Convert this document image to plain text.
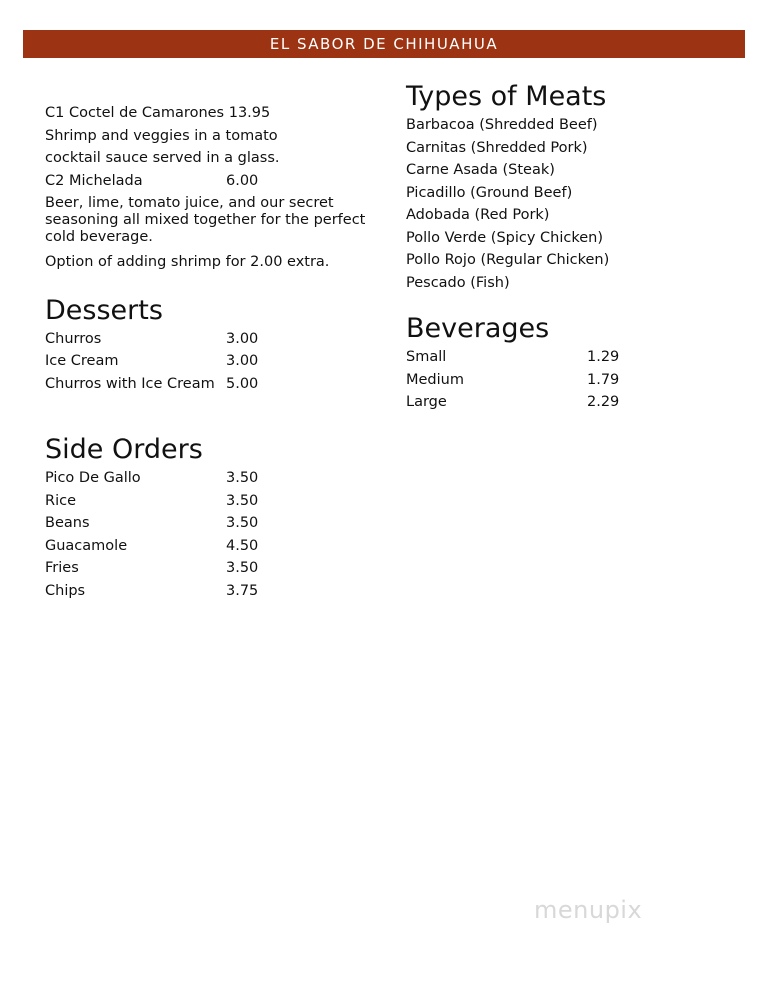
EL SABOR DE CHIHUAHUA
C1 Coctel de Camarones 13.95
Shrimp and veggies in a tomato
cocktail sauce served in a glass.
C2 Michelada	6.00
Beer, lime, tomato juice, and our secret seasoning all mixed together for the perfect cold beverage.
Option of adding shrimp for 2.00 extra.
Desserts
Churros	3.00
Ice Cream	3.00
Churros with Ice Cream 5.00
Side Orders
Pico De Gallo	3.50
Rice	3.50
Beans	3.50
Guacamole	4.50
Fries	3.50
Chips	3.75
Types of Meats
Barbacoa (Shredded Beef)
Carnitas (Shredded Pork)
Carne Asada (Steak)
Picadillo (Ground Beef)
Adobada (Red Pork)
Pollo Verde (Spicy Chicken)
Pollo Rojo (Regular Chicken)
Pescado (Fish)
Beverages
Small	1.29
Medium	1.79
Large	2.29
menupix
